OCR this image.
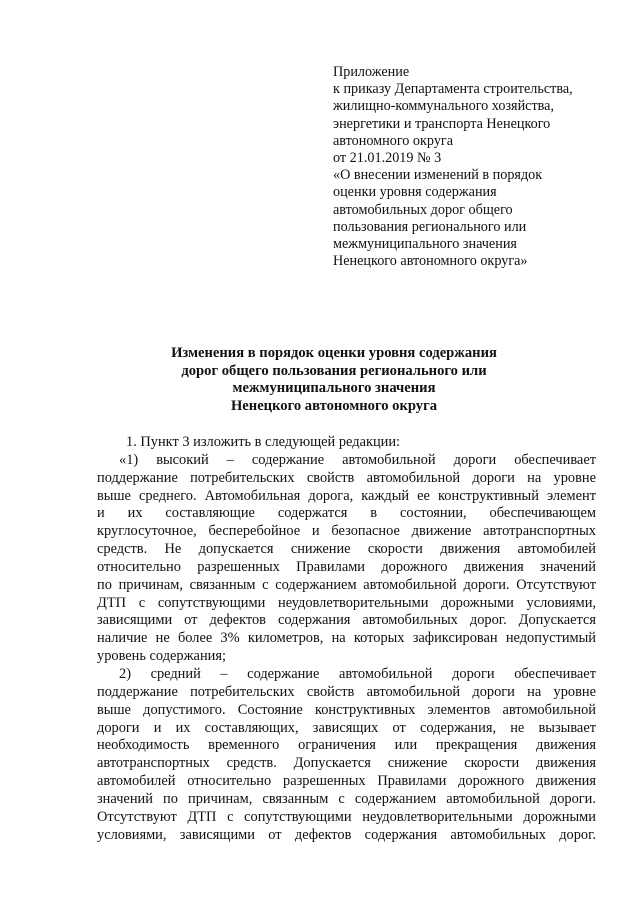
Приложение
к приказу Департамента строительства,
жилищно-коммунального хозяйства,
энергетики и транспорта Ненецкого
автономного округа
от 21.01.2019 № 3
«О внесении изменений в порядок
оценки уровня содержания
автомобильных дорог общего
пользования регионального или
межмуниципального значения
Ненецкого автономного округа»
Изменения в порядок оценки уровня содержания
дорог общего пользования регионального или
межмуниципального значения
Ненецкого автономного округа
1. Пункт 3 изложить в следующей редакции:
«1) высокий – содержание автомобильной дороги обеспечивает
поддержание потребительских свойств автомобильной дороги на уровне
выше среднего. Автомобильная дорога, каждый ее конструктивный элемент
и их составляющие содержатся в состоянии, обеспечивающем
круглосуточное, бесперебойное и безопасное движение автотранспортных
средств. Не допускается снижение скорости движения автомобилей
относительно разрешенных Правилами дорожного движения значений
по причинам, связанным с содержанием автомобильной дороги. Отсутствуют
ДТП с сопутствующими неудовлетворительными дорожными условиями,
зависящими от дефектов содержания автомобильных дорог. Допускается
наличие не более 3% километров, на которых зафиксирован недопустимый
уровень содержания;
2) средний – содержание автомобильной дороги обеспечивает
поддержание потребительских свойств автомобильной дороги на уровне
выше допустимого. Состояние конструктивных элементов автомобильной
дороги и их составляющих, зависящих от содержания, не вызывает
необходимость временного ограничения или прекращения движения
автотранспортных средств. Допускается снижение скорости движения
автомобилей относительно разрешенных Правилами дорожного движения
значений по причинам, связанным с содержанием автомобильной дороги.
Отсутствуют ДТП с сопутствующими неудовлетворительными дорожными
условиями, зависящими от дефектов содержания автомобильных дорог.
